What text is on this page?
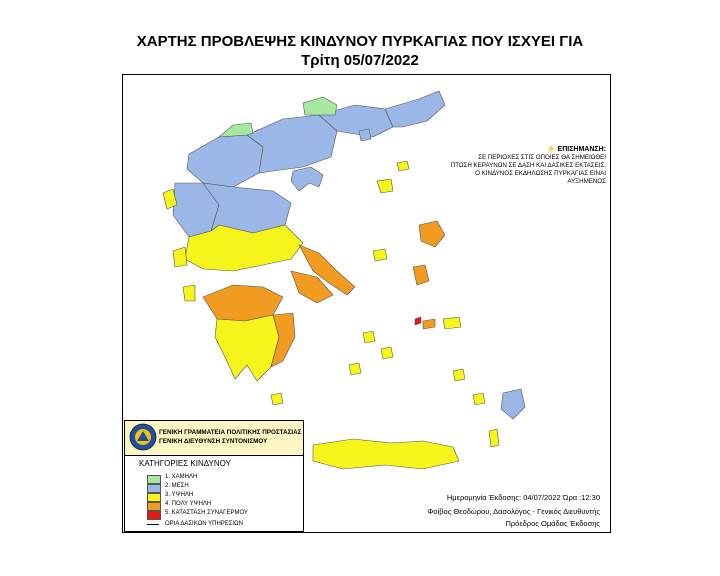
ΧΑΡΤΗΣ ΠΡΟΒΛΕΨΗΣ ΚΙΝΔΥΝΟΥ ΠΥΡΚΑΓΙΑΣ ΠΟΥ ΙΣΧΥΕΙ ΓΙΑ
Τρίτη 05/07/2022
⚡ ΕΠΙΣΗΜΑΝΣΗ:
ΣΕ ΠΕΡΙΟΧΕΣ ΣΤΙΣ ΟΠΟΙΕΣ ΘΑ ΣΗΜΕΙΩΘΕΙ
ΠΤΩΣΗ ΚΕΡΑΥΝΩΝ ΣΕ ΔΑΣΗ ΚΑΙ ΔΑΣΙΚΕΣ ΕΚΤΑΣΕΙΣ,
Ο ΚΙΝΔΥΝΟΣ ΕΚΔΗΛΩΣΗΣ ΠΥΡΚΑΓΙΑΣ ΕΙΝΑΙ ΑΥΞΗΜΕΝΟΣ
ΓΕΝΙΚΗ ΓΡΑΜΜΑΤΕΙΑ ΠΟΛΙΤΙΚΗΣ ΠΡΟΣΤΑΣΙΑΣ
ΓΕΝΙΚΗ ΔΙΕΥΘΥΝΣΗ ΣΥΝΤΟΝΙΣΜΟΥ
ΚΑΤΗΓΟΡΙΕΣ ΚΙΝΔΥΝΟΥ
1. ΧΑΜΗΛΗ
2. ΜΕΣΗ
3. ΥΨΗΛΗ
4. ΠΟΛΥ ΥΨΗΛΗ
5. ΚΑΤΑΣΤΑΣΗ ΣΥΝΑΓΕΡΜΟΥ
ΟΡΙΑ ΔΑΣΙΚΩΝ ΥΠΗΡΕΣΙΩΝ
Ημερομηνία Έκδοσης: 04/07/2022 Ώρα :12:30
Φοίβος Θεοδώρου, Δασολόγος - Γενικός Διευθυντής
Πρόεδρος Ομάδας Έκδοσης
